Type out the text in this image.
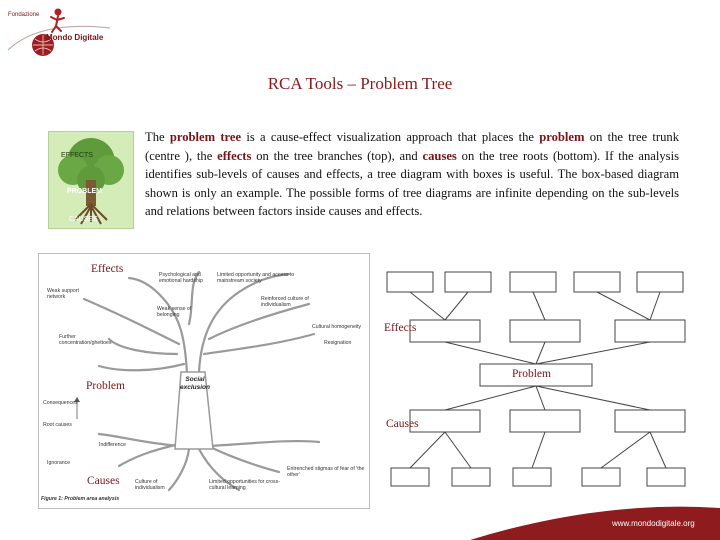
Fondazione
Mondo Digitale
RCA Tools – Problem Tree
EFFECTS
PROBLEM
CAUSES
The problem tree is a cause-effect visualization approach that places the problem on the tree trunk (centre ), the effects on the tree branches (top), and causes on the tree roots (bottom). If the analysis identifies sub-levels of causes and effects, a tree diagram with boxes is useful. The box-based diagram shown is only an example. The possible forms of tree diagrams are infinite depending on the sub-levels and relations between factors inside causes and effects.
Weak support network
Psychological and emotional hardship
Limited opportunity and access to mainstream society
Weak sense of belonging
Reinforced culture of individualism
Further concentration/ghettoes
Cultural homogeneity
Resignation
Social exclusion
Consequences
Root causes
Indifference
Ignorance
Culture of individualism
Limited opportunities for cross-cultural learning
Entrenched stigmas of fear of 'the other'
Figure 1: Problem area analysis
Effects
Problem
Causes
Effects
Problem
Causes
www.mondodigitale.org
